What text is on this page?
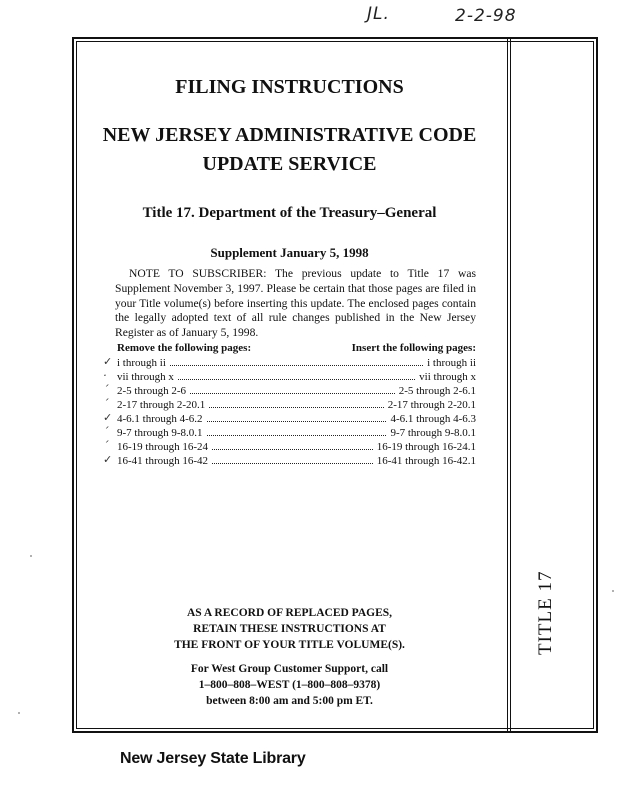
JL.	2-2-98
TITLE 17
FILING INSTRUCTIONS
NEW JERSEY ADMINISTRATIVE CODE
UPDATE SERVICE
Title 17. Department of the Treasury–General
Supplement January 5, 1998
NOTE TO SUBSCRIBER: The previous update to Title 17 was Supplement November 3, 1997. Please be certain that those pages are filed in your Title volume(s) before inserting this update. The enclosed pages contain the legally adopted text of all rule changes published in the New Jersey Register as of January 5, 1998.
Remove the following pages:	Insert the following pages:
✓ i through ii	i through ii
· vii through x	vii through x
´ 2-5 through 2-6	2-5 through 2-6.1
´ 2-17 through 2-20.1	2-17 through 2-20.1
✓ 4-6.1 through 4-6.2	4-6.1 through 4-6.3
´ 9-7 through 9-8.0.1	9-7 through 9-8.0.1
´ 16-19 through 16-24	16-19 through 16-24.1
✓ 16-41 through 16-42	16-41 through 16-42.1
AS A RECORD OF REPLACED PAGES,
RETAIN THESE INSTRUCTIONS AT
THE FRONT OF YOUR TITLE VOLUME(S).
For West Group Customer Support, call
1–800–808–WEST (1–800–808–9378)
between 8:00 am and 5:00 pm ET.
New Jersey State Library
